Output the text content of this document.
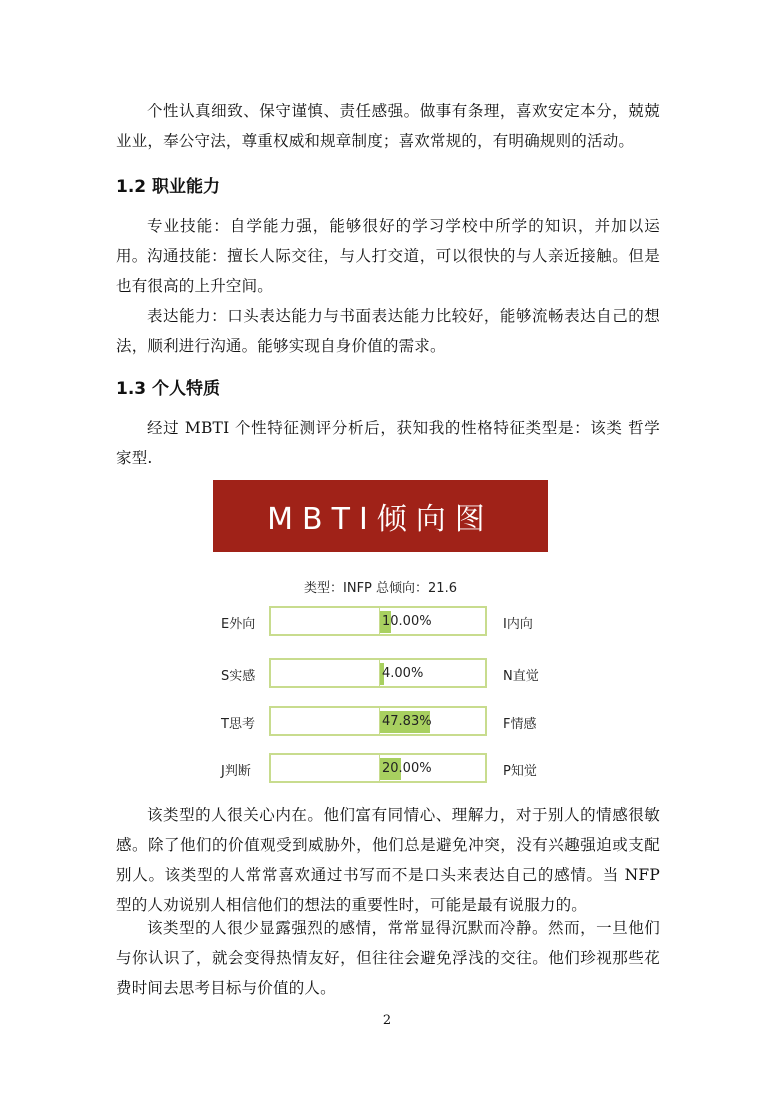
个性认真细致、保守谨慎、责任感强。做事有条理，喜欢安定本分，兢兢业业，奉公守法，尊重权威和规章制度；喜欢常规的，有明确规则的活动。

1.2 职业能力

专业技能：自学能力强，能够很好的学习学校中所学的知识，并加以运用。 沟通技能：擅长人际交往，与人打交道，可以很快的与人亲近接触。但是也有很高的上升空间。

表达能力：口头表达能力与书面表达能力比较好，能够流畅表达自己的想法，顺利进行沟通。能够实现自身价值的需求。

1.3 个人特质

经过 MBTI 个性特征测评分析后，获知我的性格特征类型是：该类 哲学家型.

MBTI倾向图
类型：INFP 总倾向：21.6
E外向	10.00%	I内向
S实感	4.00%	N直觉
T思考	47.83%	F情感
J判断	20.00%	P知觉

该类型的人很关心内在。他们富有同情心、理解力，对于别人的情感很敏感。除了他们的价值观受到威胁外，他们总是避免冲突，没有兴趣强迫或支配别人。该类型的人常常喜欢通过书写而不是口头来表达自己的感情。当 NFP 型的人劝说别人相信他们的想法的重要性时，可能是最有说服力的。

该类型的人很少显露强烈的感情，常常显得沉默而冷静。然而，一旦他们与你认识了，就会变得热情友好，但往往会避免浮浅的交往。他们珍视那些花费时间去思考目标与价值的人。

2
